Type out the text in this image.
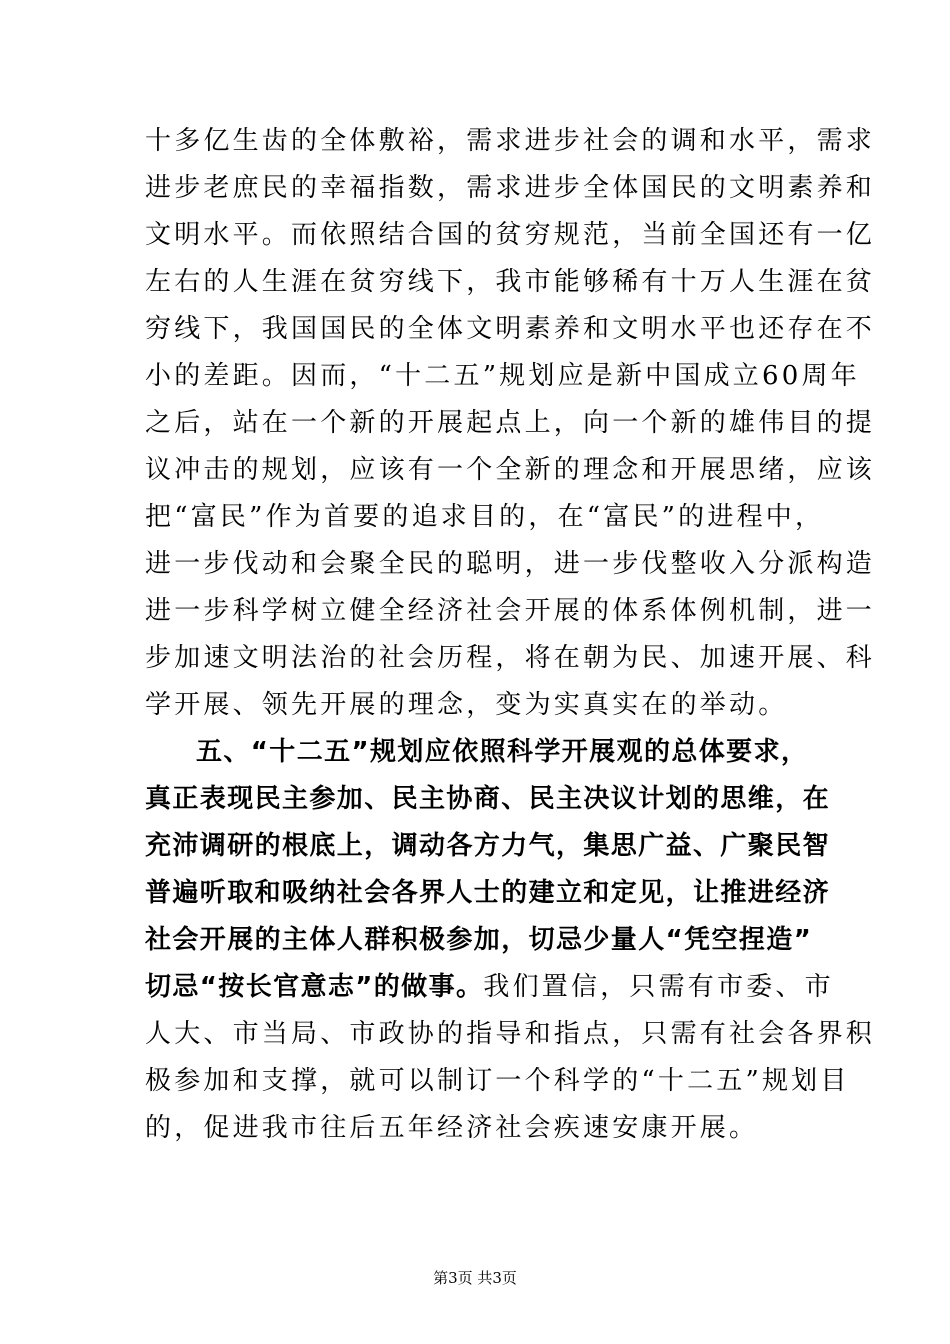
十多亿生齿的全体敷裕，需求进步社会的调和水平，需求
进步老庶民的幸福指数，需求进步全体国民的文明素养和
文明水平。而依照结合国的贫穷规范，当前全国还有一亿
左右的人生涯在贫穷线下，我市能够稀有十万人生涯在贫
穷线下，我国国民的全体文明素养和文明水平也还存在不
小的差距。因而，“十二五”规划应是新中国成立60周年
之后，站在一个新的开展起点上，向一个新的雄伟目的提
议冲击的规划，应该有一个全新的理念和开展思绪，应该
把“富民”作为首要的追求目的，在“富民”的进程中，
进一步伐动和会聚全民的聪明，进一步伐整收入分派构造
进一步科学树立健全经济社会开展的体系体例机制，进一
步加速文明法治的社会历程，将在朝为民、加速开展、科
学开展、领先开展的理念，变为实真实在的举动。
五、“十二五”规划应依照科学开展观的总体要求，
真正表现民主参加、民主协商、民主决议计划的思维，在
充沛调研的根底上，调动各方力气，集思广益、广聚民智
普遍听取和吸纳社会各界人士的建立和定见，让推进经济
社会开展的主体人群积极参加，切忌少量人“凭空捏造”
切忌“按长官意志”的做事。我们置信，只需有市委、市
人大、市当局、市政协的指导和指点，只需有社会各界积
极参加和支撑，就可以制订一个科学的“十二五”规划目
的，促进我市往后五年经济社会疾速安康开展。
第3页 共3页
